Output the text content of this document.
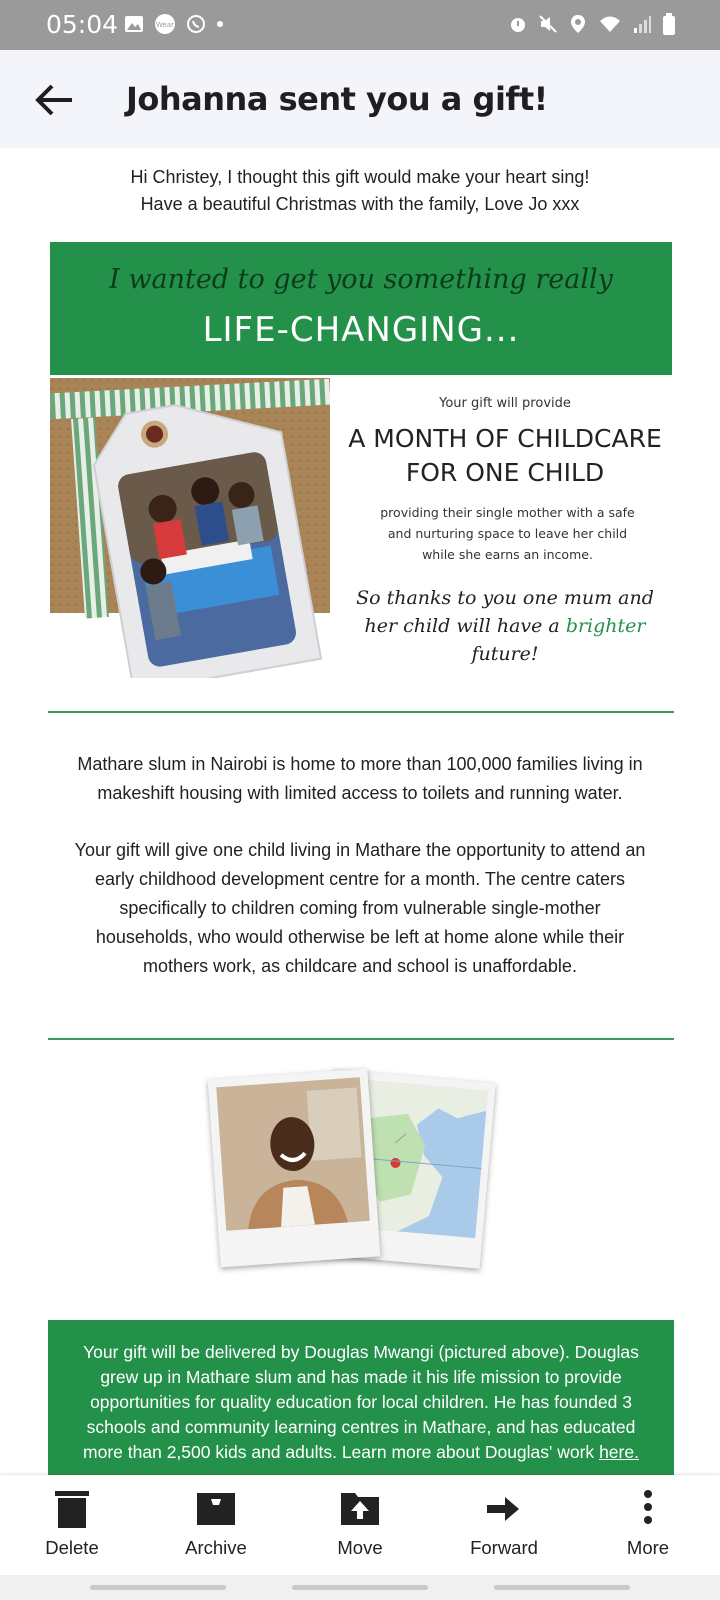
05:04	Wear
Johanna sent you a gift!
Hi Christey, I thought this gift would make your heart sing!
Have a beautiful Christmas with the family, Love Jo xxx
I wanted to get you something really
LIFE-CHANGING...
Your gift will provide
A MONTH OF CHILDCARE
FOR ONE CHILD
providing their single mother with a safe
and nurturing space to leave her child
while she earns an income.
So thanks to you one mum and
her child will have a brighter
future!
Mathare slum in Nairobi is home to more than 100,000 families living in
makeshift housing with limited access to toilets and running water.
Your gift will give one child living in Mathare the opportunity to attend an
early childhood development centre for a month. The centre caters
specifically to children coming from vulnerable single-mother
households, who would otherwise be left at home alone while their
mothers work, as childcare and school is unaffordable.
Your gift will be delivered by Douglas Mwangi (pictured above). Douglas
grew up in Mathare slum and has made it his life mission to provide
opportunities for quality education for local children. He has founded 3
schools and community learning centres in Mathare, and has educated
more than 2,500 kids and adults. Learn more about Douglas' work here.
Delete	Archive	Move	Forward	More
